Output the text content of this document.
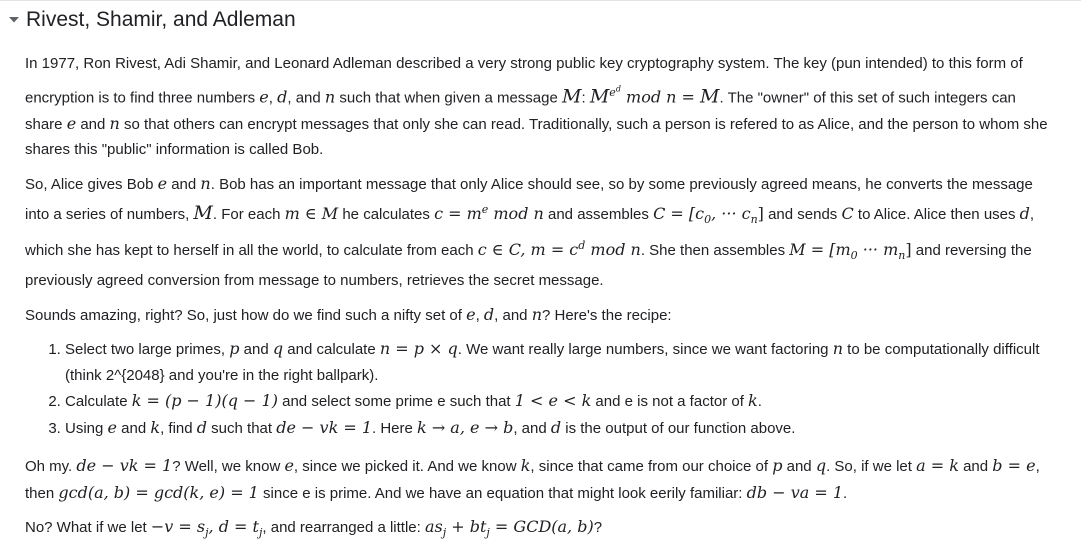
Rivest, Shamir, and Adleman

In 1977, Ron Rivest, Adi Shamir, and Leonard Adleman described a very strong public key cryptography system. The key (pun intended) to this form of encryption is to find three numbers e, d, and n such that when given a message M: $M^{e^d}$ mod n = M. The "owner" of this set of such integers can share e and n so that others can encrypt messages that only she can read. Traditionally, such a person is refered to as Alice, and the person to whom she shares this "public" information is called Bob.

So, Alice gives Bob e and n. Bob has an important message that only Alice should see, so by some previously agreed means, he converts the message into a series of numbers, M. For each m ∈ M he calculates $c = m^e$ mod n and assembles $C = [c_0$, ··· $c_n$] and sends C to Alice. Alice then uses d, which she has kept to herself in all the world, to calculate from each c ∈ C, $m = c^d$ mod n. She then assembles $M = [m_0$ ··· $m_n$] and reversing the previously agreed conversion from message to numbers, retrieves the secret message.

Sounds amazing, right? So, just how do we find such a nifty set of e, d, and n? Here's the recipe:

1. Select two large primes, p and q and calculate n = p × q. We want really large numbers, since we want factoring n to be computationally difficult (think 2^{2048} and you're in the right ballpark).
2. Calculate k = (p − 1)(q − 1) and select some prime e such that 1 < e < k and e is not a factor of k.
3. Using e and k, find d such that de − vk = 1. Here k → a, e → b, and d is the output of our function above.

Oh my. de − vk = 1? Well, we know e, since we picked it. And we know k, since that came from our choice of p and q. So, if we let a = k and b = e, then gcd(a, b) = gcd(k, e) = 1 since e is prime. And we have an equation that might look eerily familiar: db − va = 1.

No? What if we let $-v = s_j$, $d = t_j$, and rearranged a little: $as_j + bt_j = GCD(a$, b)?
